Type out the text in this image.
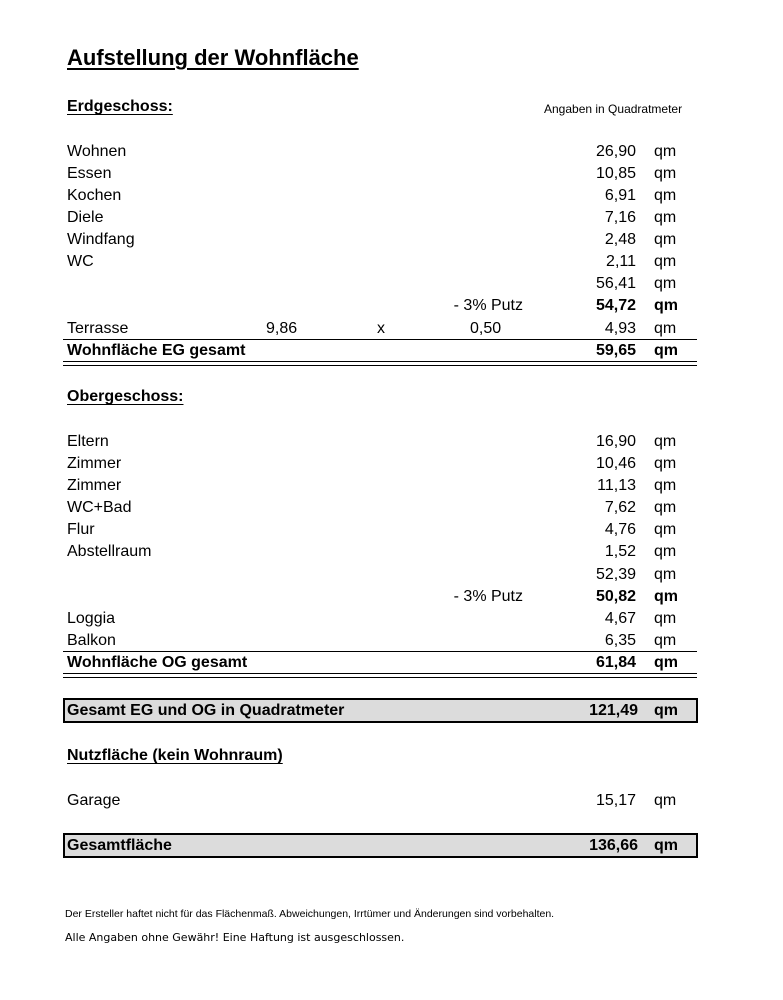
Aufstellung der Wohnfläche
Erdgeschoss:	Angaben in Quadratmeter
Wohnen	26,90 qm
Essen	10,85 qm
Kochen	6,91 qm
Diele	7,16 qm
Windfang	2,48 qm
WC	2,11 qm
56,41 qm
- 3% Putz	54,72 qm
Terrasse	9,86	x	0,50	4,93 qm
Wohnfläche EG gesamt	59,65 qm
Obergeschoss:
Eltern	16,90 qm
Zimmer	10,46 qm
Zimmer	11,13 qm
WC+Bad	7,62 qm
Flur	4,76 qm
Abstellraum	1,52 qm
52,39 qm
- 3% Putz	50,82 qm
Loggia	4,67 qm
Balkon	6,35 qm
Wohnfläche OG gesamt	61,84 qm
Gesamt EG und OG in Quadratmeter	121,49 qm
Nutzfläche (kein Wohnraum)
Garage	15,17 qm
Gesamtfläche	136,66 qm
Der Ersteller haftet nicht für das Flächenmaß. Abweichungen, Irrtümer und Änderungen sind vorbehalten.
Alle Angaben ohne Gewähr! Eine Haftung ist ausgeschlossen.
